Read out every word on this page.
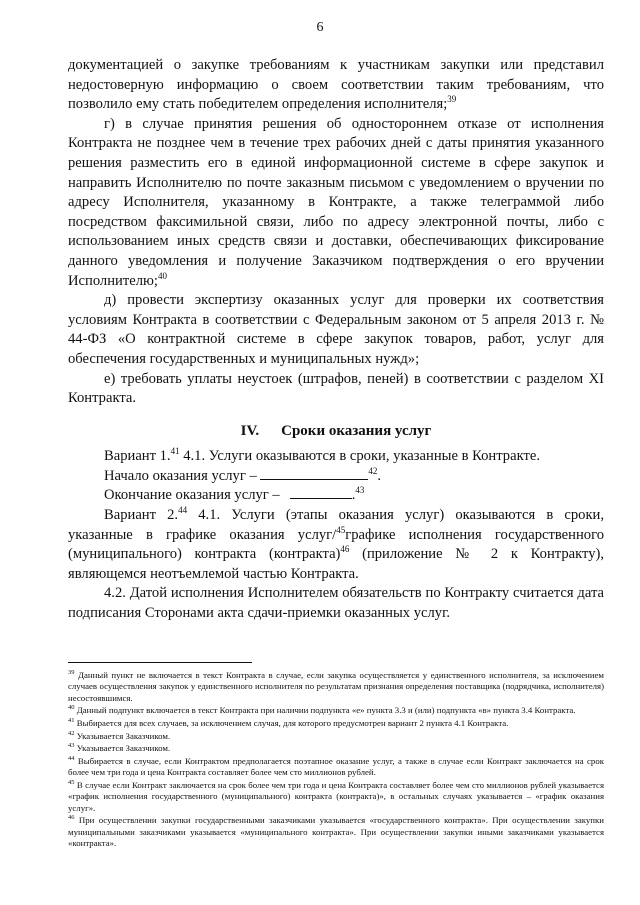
6

документацией о закупке требованиям к участникам закупки или представил недостоверную информацию о своем соответствии таким требованиям, что позволило ему стать победителем определения исполнителя;$^{39}$

г) в случае принятия решения об одностороннем отказе от исполнения Контракта не позднее чем в течение трех рабочих дней с даты принятия указанного решения разместить его в единой информационной системе в сфере закупок и направить Исполнителю по почте заказным письмом с уведомлением о вручении по адресу Исполнителя, указанному в Контракте, а также телеграммой либо посредством факсимильной связи, либо по адресу электронной почты, либо с использованием иных средств связи и доставки, обеспечивающих фиксирование данного уведомления и получение Заказчиком подтверждения о его вручении Исполнителю;$^{40}$

д) провести экспертизу оказанных услуг для проверки их соответствия условиям Контракта в соответствии с Федеральным законом от 5 апреля 2013 г. № 44-ФЗ «О контрактной системе в сфере закупок товаров, работ, услуг для обеспечения государственных и муниципальных нужд»;

е) требовать уплаты неустоек (штрафов, пеней) в соответствии с разделом XI Контракта.

IV. Сроки оказания услуг

Вариант 1.41 4.1. Услуги оказываются в сроки, указанные в Контракте.

Начало оказания услуг –	$^{42}$.

Окончание оказания услуг –	.$^{43}$

Вариант 2.44 4.1. Услуги (этапы оказания услуг) оказываются в сроки, указанные в графике оказания услуг/$^{45}$графике исполнения государственного (муниципального) контракта (контракта)$^{46}$ (приложение № 2 к Контракту), являющемся неотъемлемой частью Контракта.

4.2. Датой исполнения Исполнителем обязательств по Контракту считается дата подписания Сторонами акта сдачи-приемки оказанных услуг.

$^{39}$ Данный пункт не включается в текст Контракта в случае, если закупка осуществляется у единственного исполнителя, за исключением случаев осуществления закупок у единственного исполнителя по результатам признания определения поставщика (подрядчика, исполнителя) несостоявшимся.

$^{40}$ Данный подпункт включается в текст Контракта при наличии подпункта «е» пункта 3.3 и (или) подпункта «в» пункта 3.4 Контракта.

$^{41}$ Выбирается для всех случаев, за исключением случая, для которого предусмотрен вариант 2 пункта 4.1 Контракта.

$^{42}$ Указывается Заказчиком.

$^{43}$ Указывается Заказчиком.

$^{44}$ Выбирается в случае, если Контрактом предполагается поэтапное оказание услуг, а также в случае если Контракт заключается на срок более чем три года и цена Контракта составляет более чем сто миллионов рублей.

$^{45}$ В случае если Контракт заключается на срок более чем три года и цена Контракта составляет более чем сто миллионов рублей указывается «график исполнения государственного (муниципального) контракта (контракта)», в остальных случаях указывается – «график оказания услуг».

$^{46}$ При осуществлении закупки государственными заказчиками указывается «государственного контракта». При осуществлении закупки муниципальными заказчиками указывается «муниципального контракта». При осуществлении закупки иными заказчиками указывается «контракта».
